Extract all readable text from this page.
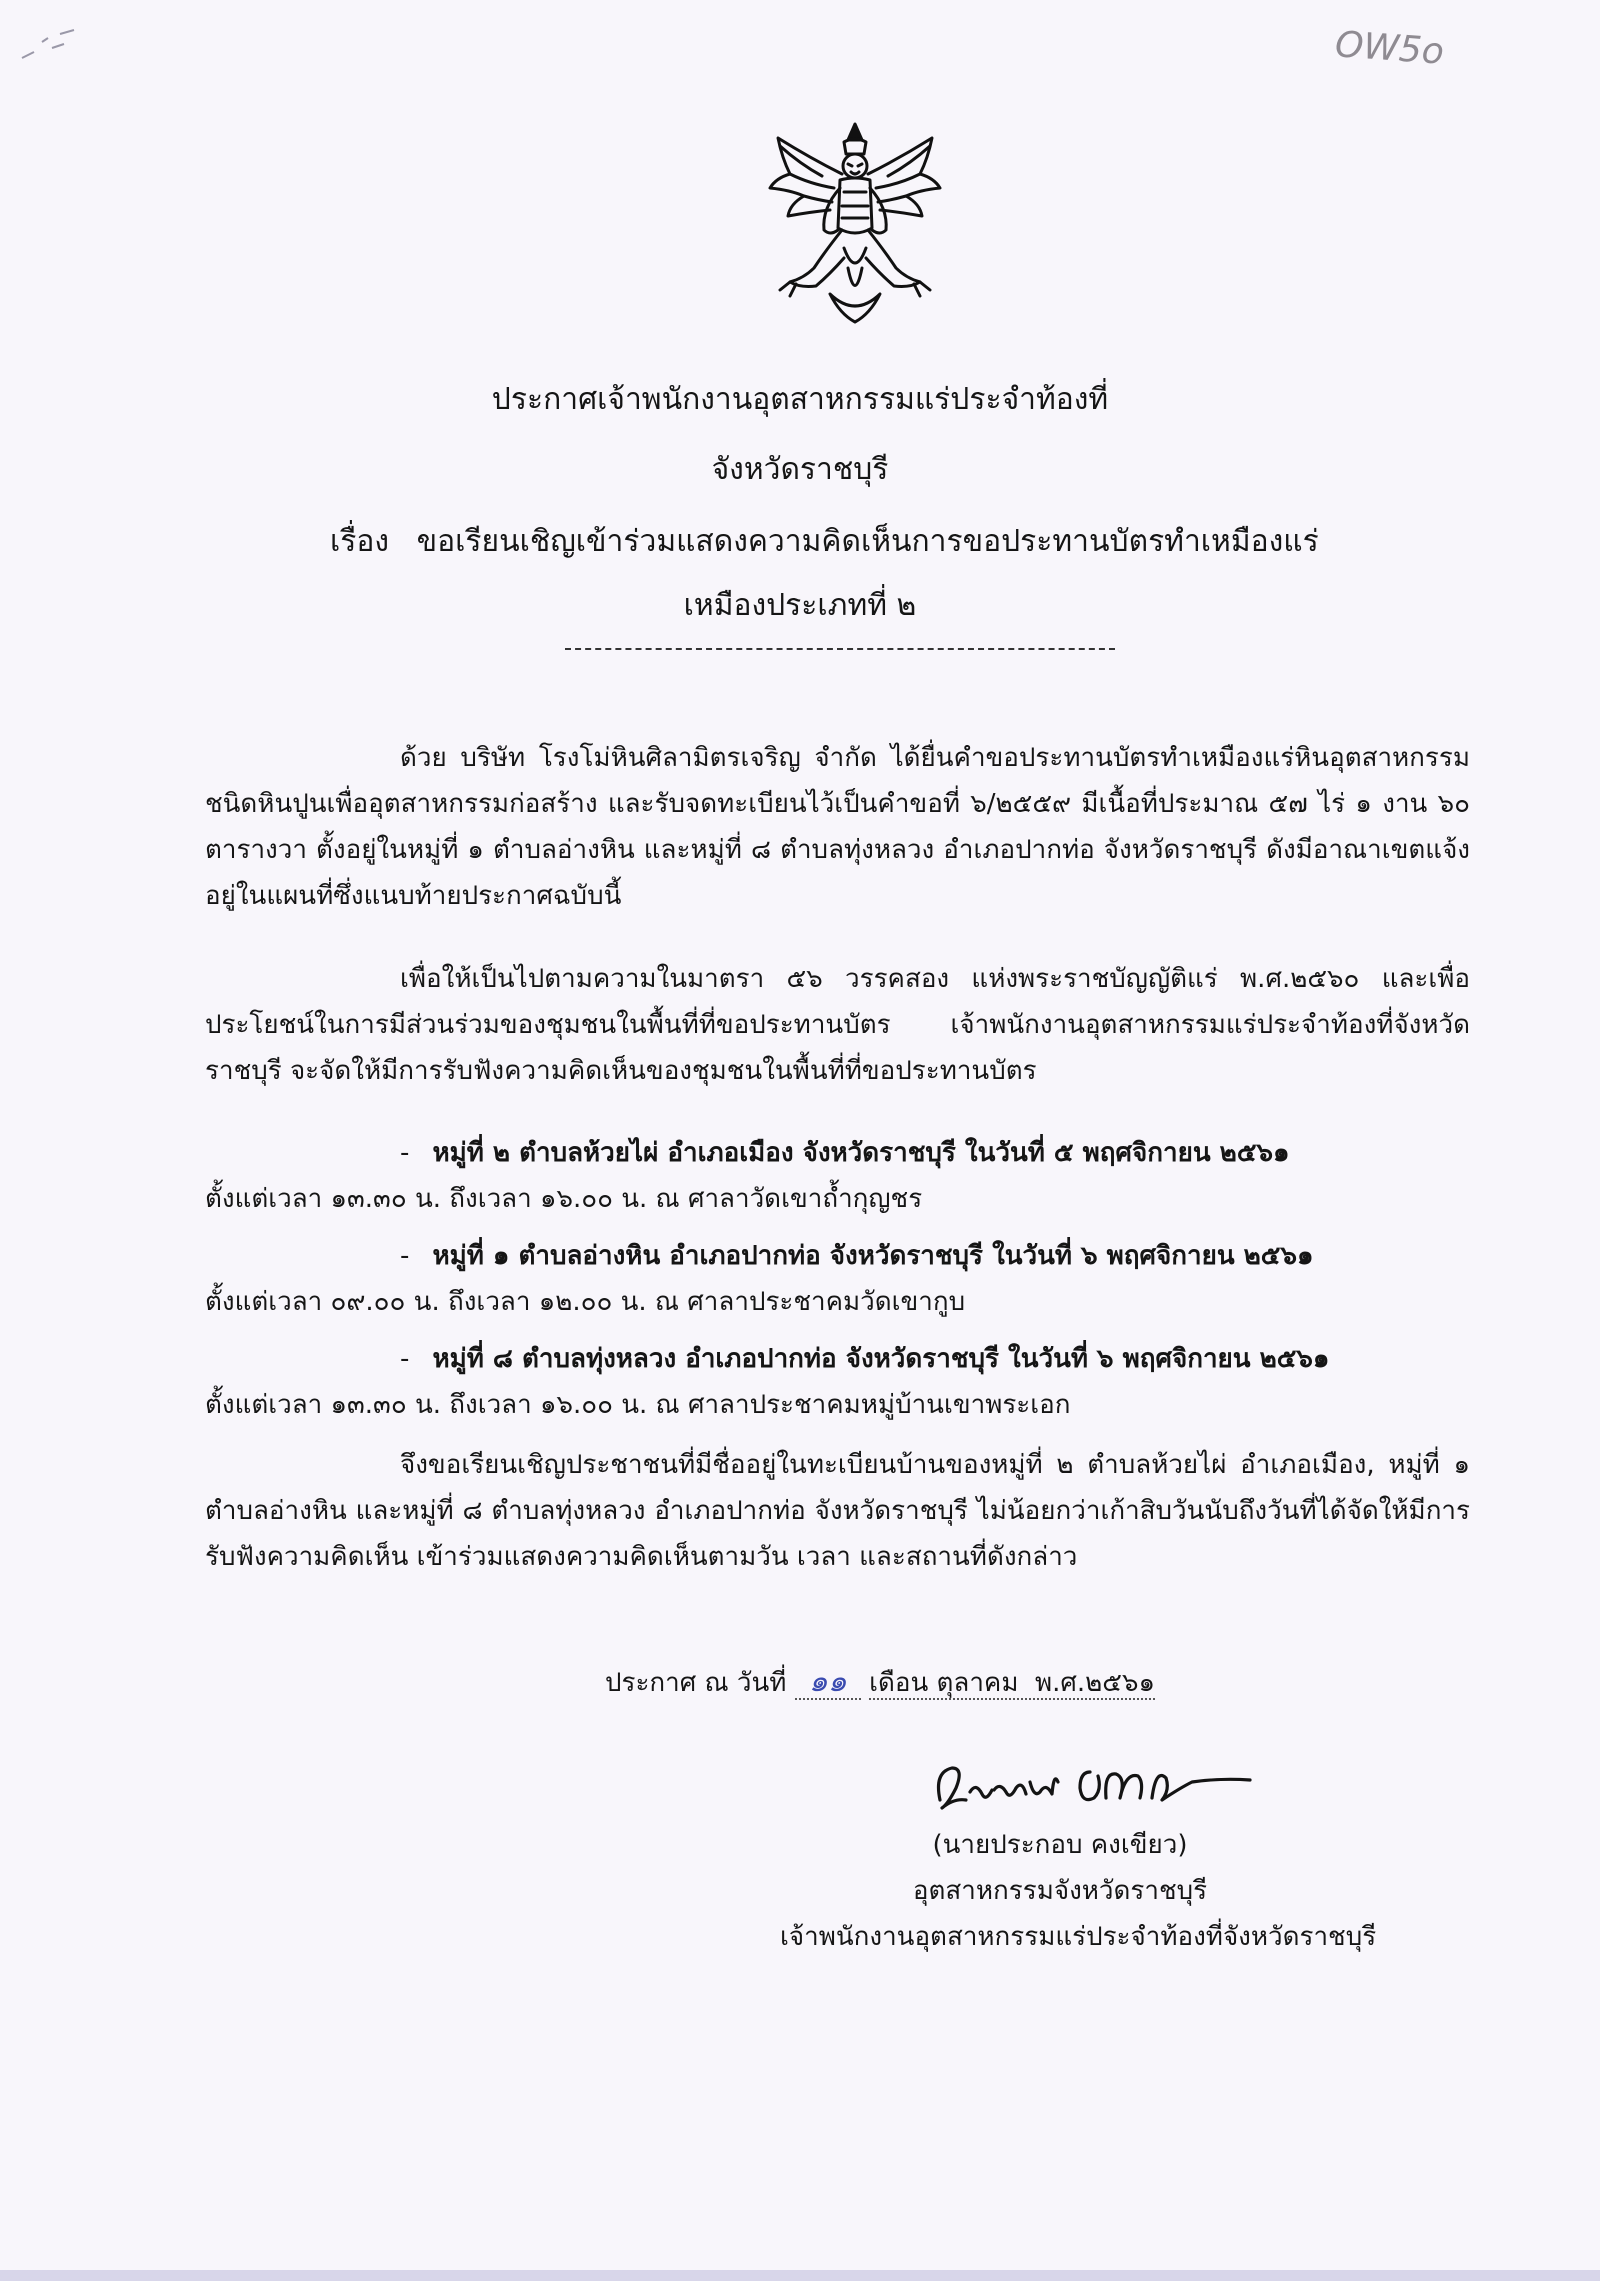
OW5o
ประกาศเจ้าพนักงานอุตสาหกรรมแร่ประจำท้องที่
จังหวัดราชบุรี
เรื่อง ขอเรียนเชิญเข้าร่วมแสดงความคิดเห็นการขอประทานบัตรทำเหมืองแร่
เหมืองประเภทที่ ๒
ด้วย บริษัท โรงโม่หินศิลามิตรเจริญ จำกัด ได้ยื่นคำขอประทานบัตรทำเหมืองแร่หินอุตสาหกรรมชนิดหินปูนเพื่ออุตสาหกรรมก่อสร้าง และรับจดทะเบียนไว้เป็นคำขอที่ ๖/๒๕๕๙ มีเนื้อที่ประมาณ ๕๗ ไร่ ๑ งาน ๖๐ ตารางวา ตั้งอยู่ในหมู่ที่ ๑ ตำบลอ่างหิน และหมู่ที่ ๘ ตำบลทุ่งหลวง อำเภอปากท่อ จังหวัดราชบุรี ดังมีอาณาเขตแจ้งอยู่ในแผนที่ซึ่งแนบท้ายประกาศฉบับนี้
เพื่อให้เป็นไปตามความในมาตรา ๕๖ วรรคสอง แห่งพระราชบัญญัติแร่ พ.ศ.๒๕๖๐ และเพื่อประโยชน์ในการมีส่วนร่วมของชุมชนในพื้นที่ที่ขอประทานบัตร เจ้าพนักงานอุตสาหกรรมแร่ประจำท้องที่จังหวัดราชบุรี จะจัดให้มีการรับฟังความคิดเห็นของชุมชนในพื้นที่ที่ขอประทานบัตร
- หมู่ที่ ๒ ตำบลห้วยไผ่ อำเภอเมือง จังหวัดราชบุรี ในวันที่ ๕ พฤศจิกายน ๒๕๖๑
ตั้งแต่เวลา ๑๓.๓๐ น. ถึงเวลา ๑๖.๐๐ น. ณ ศาลาวัดเขาถ้ำกุญชร
- หมู่ที่ ๑ ตำบลอ่างหิน อำเภอปากท่อ จังหวัดราชบุรี ในวันที่ ๖ พฤศจิกายน ๒๕๖๑
ตั้งแต่เวลา ๐๙.๐๐ น. ถึงเวลา ๑๒.๐๐ น. ณ ศาลาประชาคมวัดเขากูบ
- หมู่ที่ ๘ ตำบลทุ่งหลวง อำเภอปากท่อ จังหวัดราชบุรี ในวันที่ ๖ พฤศจิกายน ๒๕๖๑
ตั้งแต่เวลา ๑๓.๓๐ น. ถึงเวลา ๑๖.๐๐ น. ณ ศาลาประชาคมหมู่บ้านเขาพระเอก
จึงขอเรียนเชิญประชาชนที่มีชื่ออยู่ในทะเบียนบ้านของหมู่ที่ ๒ ตำบลห้วยไผ่ อำเภอเมือง, หมู่ที่ ๑ ตำบลอ่างหิน และหมู่ที่ ๘ ตำบลทุ่งหลวง อำเภอปากท่อ จังหวัดราชบุรี ไม่น้อยกว่าเก้าสิบวันนับถึงวันที่ได้จัดให้มีการรับฟังความคิดเห็น เข้าร่วมแสดงความคิดเห็นตามวัน เวลา และสถานที่ดังกล่าว
ประกาศ ณ วันที่ ๑๑ เดือน ตุลาคม พ.ศ.๒๕๖๑
(นายประกอบ คงเขียว)
อุตสาหกรรมจังหวัดราชบุรี
เจ้าพนักงานอุตสาหกรรมแร่ประจำท้องที่จังหวัดราชบุรี
